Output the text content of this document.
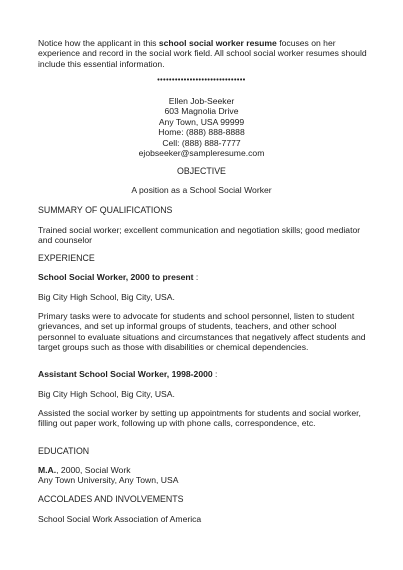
Notice how the applicant in this school social worker resume focuses on her experience and record in the social work field. All school social worker resumes should include this essential information.
••••••••••••••••••••••••••••••
Ellen Job-Seeker
603 Magnolia Drive
Any Town, USA 99999
Home: (888) 888-8888
Cell: (888) 888-7777
ejobseeker@sampleresume.com
OBJECTIVE
A position as a School Social Worker
SUMMARY OF QUALIFICATIONS
Trained social worker; excellent communication and negotiation skills; good mediator and counselor
EXPERIENCE
School Social Worker, 2000 to present :
Big City High School, Big City, USA.
Primary tasks were to advocate for students and school personnel, listen to student grievances, and set up informal groups of students, teachers, and other school personnel to evaluate situations and circumstances that negatively affect students and target groups such as those with disabilities or chemical dependencies.
Assistant School Social Worker, 1998-2000 :
Big City High School, Big City, USA.
Assisted the social worker by setting up appointments for students and social worker, filling out paper work, following up with phone calls, correspondence, etc.
EDUCATION
M.A., 2000, Social Work
Any Town University, Any Town, USA
ACCOLADES AND INVOLVEMENTS
School Social Work Association of America
